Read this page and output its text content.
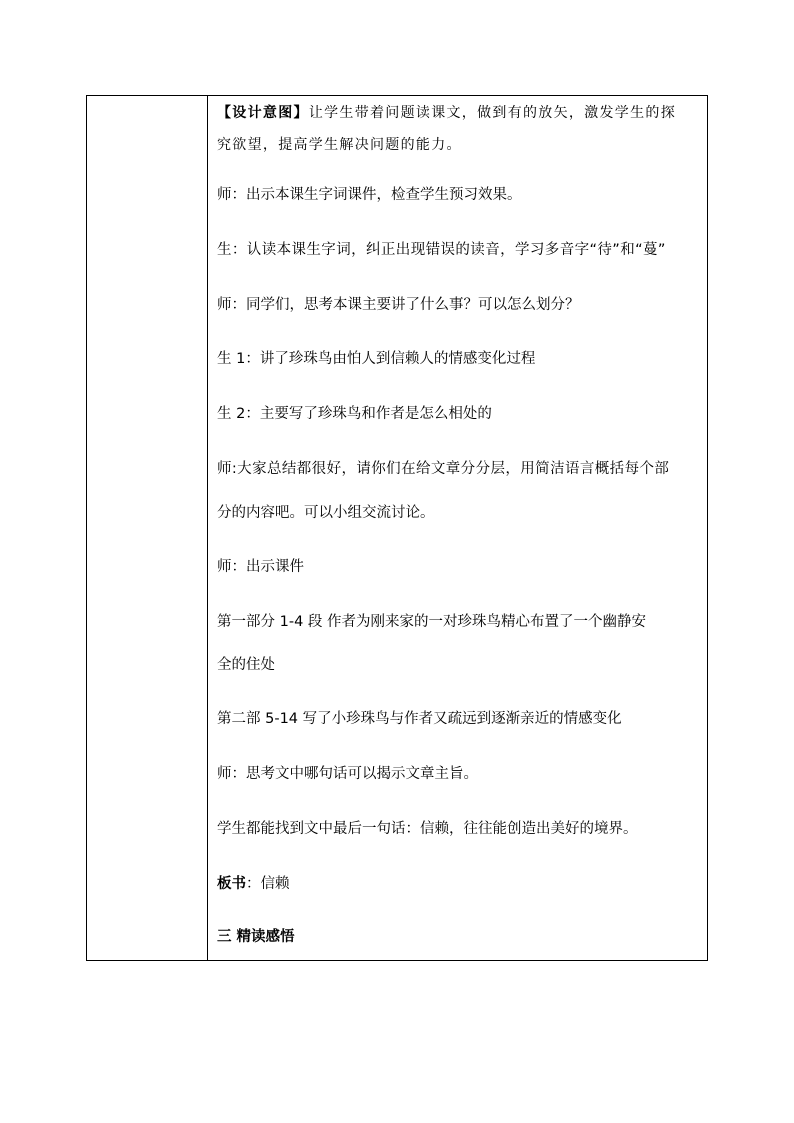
【设计意图】让学生带着问题读课文，做到有的放矢，激发学生的探
究欲望，提高学生解决问题的能力。
师：出示本课生字词课件，检查学生预习效果。
生：认读本课生字词，纠正出现错误的读音，学习多音字“待”和“蔓”
师：同学们，思考本课主要讲了什么事？可以怎么划分？
生 1：讲了珍珠鸟由怕人到信赖人的情感变化过程
生 2：主要写了珍珠鸟和作者是怎么相处的
师:大家总结都很好，请你们在给文章分分层，用简洁语言概括每个部
分的内容吧。可以小组交流讨论。
师：出示课件
第一部分 1-4 段 作者为刚来家的一对珍珠鸟精心布置了一个幽静安
全的住处
第二部 5-14 写了小珍珠鸟与作者又疏远到逐渐亲近的情感变化
师：思考文中哪句话可以揭示文章主旨。
学生都能找到文中最后一句话：信赖，往往能创造出美好的境界。
板书：信赖
三 精读感悟
